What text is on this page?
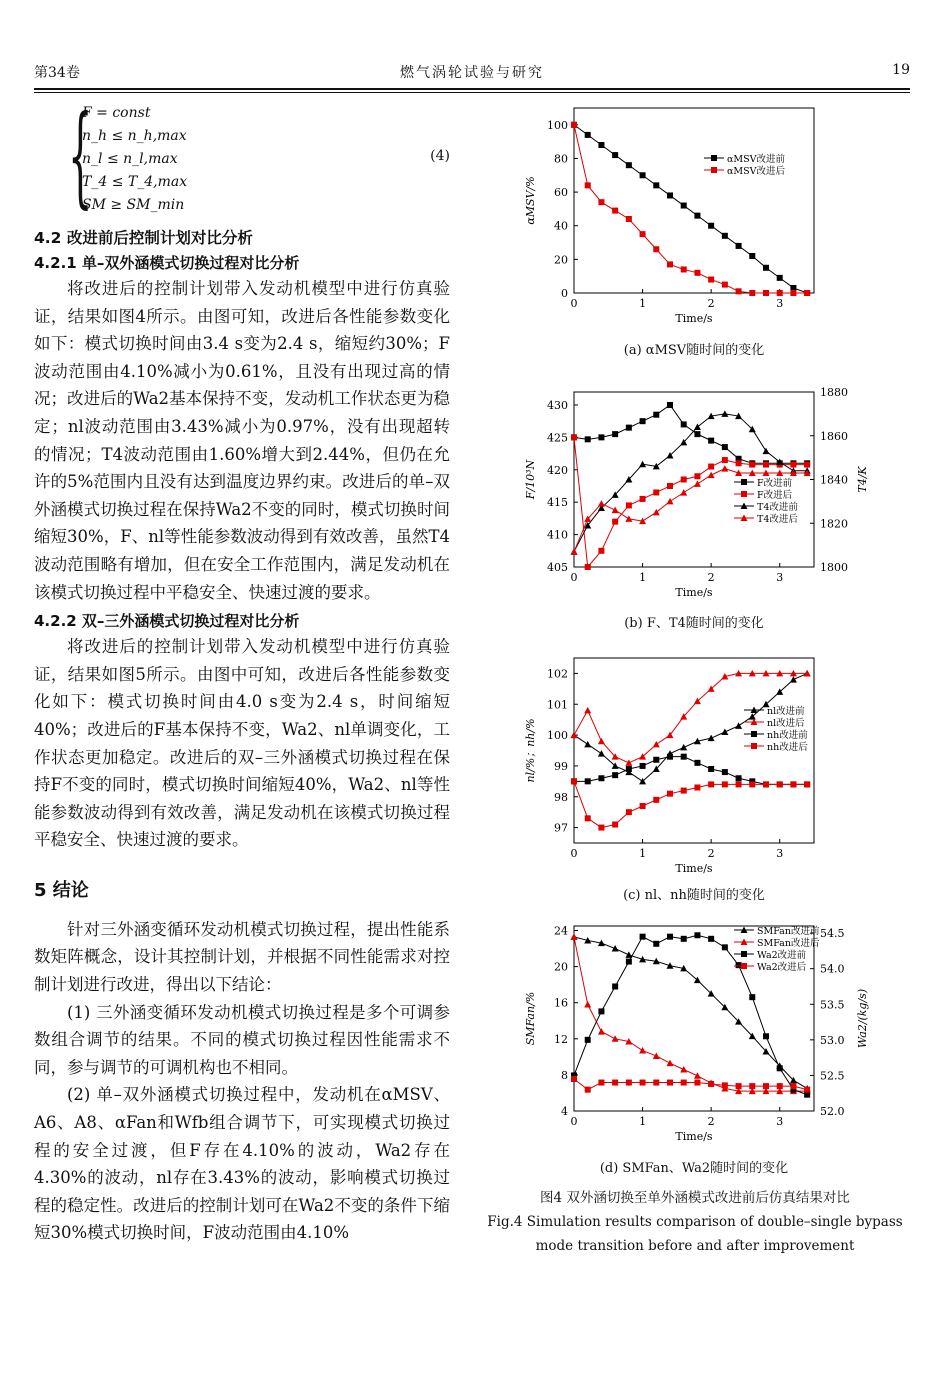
第34卷	燃气涡轮试验与研究	19
{
F = const
n_h ≤ n_h,max
n_l ≤ n_l,max
T_4 ≤ T_4,max
SM ≥ SM_min
(4)
4.2 改进前后控制计划对比分析
4.2.1 单–双外涵模式切换过程对比分析

将改进后的控制计划带入发动机模型中进行仿真验证，结果如图4所示。由图可知，改进后各性能参数变化如下：模式切换时间由3.4 s变为2.4 s，缩短约30%；F波动范围由4.10%减小为0.61%，且没有出现过高的情况；改进后的Wa2基本保持不变，发动机工作状态更为稳定；nl波动范围由3.43%减小为0.97%，没有出现超转的情况；T4波动范围由1.60%增大到2.44%，但仍在允许的5%范围内且没有达到温度边界约束。改进后的单–双外涵模式切换过程在保持Wa2不变的同时，模式切换时间缩短30%，F、nl等性能参数波动得到有效改善，虽然T4波动范围略有增加，但在安全工作范围内，满足发动机在该模式切换过程中平稳安全、快速过渡的要求。

4.2.2 双–三外涵模式切换过程对比分析

将改进后的控制计划带入发动机模型中进行仿真验证，结果如图5所示。由图中可知，改进后各性能参数变化如下：模式切换时间由4.0 s变为2.4 s，时间缩短40%；改进后的F基本保持不变，Wa2、nl单调变化，工作状态更加稳定。改进后的双–三外涵模式切换过程在保持F不变的同时，模式切换时间缩短40%，Wa2、nl等性能参数波动得到有效改善，满足发动机在该模式切换过程平稳安全、快速过渡的要求。

5 结论

针对三外涵变循环发动机模式切换过程，提出性能系数矩阵概念，设计其控制计划，并根据不同性能需求对控制计划进行改进，得出以下结论：

(1) 三外涵变循环发动机模式切换过程是多个可调参数组合调节的结果。不同的模式切换过程因性能需求不同，参与调节的可调机构也不相同。

(2) 单–双外涵模式切换过程中，发动机在αMSV、A6、A8、αFan和Wfb组合调节下，可实现模式切换过程的安全过渡，但F存在4.10%的波动，Wa2存在4.30%的波动，nl存在3.43%的波动，影响模式切换过程的稳定性。改进后的控制计划可在Wa2不变的条件下缩短30%模式切换时间，F波动范围由4.10%

0	1	2	3
Time/s
0
20
40
60
80
100
αMSV/%
αMSV改进前
αMSV改进后
(a) αMSV随时间的变化
0	1	2	3
Time/s
405
410
415
420
425
430
F/10³N
1800
1820
1840
1860
1880
T4/K
F改进前
F改进后
T4改进前
T4改进后
(b) F、T4随时间的变化
0	1	2	3
Time/s
97
98
99
100
101
102
nl/%；nh/%
nl改进前
nl改进后
nh改进前
nh改进后
(c) nl、nh随时间的变化
0	1	2	3
Time/s
4
8
12
16
20
24
SMFan/%
52.0
52.5
53.0
53.5
54.0
54.5
Wa2/(kg/s)
SMFan改进前
SMFan改进后
Wa2改进前
Wa2改进后
(d) SMFan、Wa2随时间的变化
图4 双外涵切换至单外涵模式改进前后仿真结果对比
Fig.4 Simulation results comparison of double–single bypass
mode transition before and after improvement
